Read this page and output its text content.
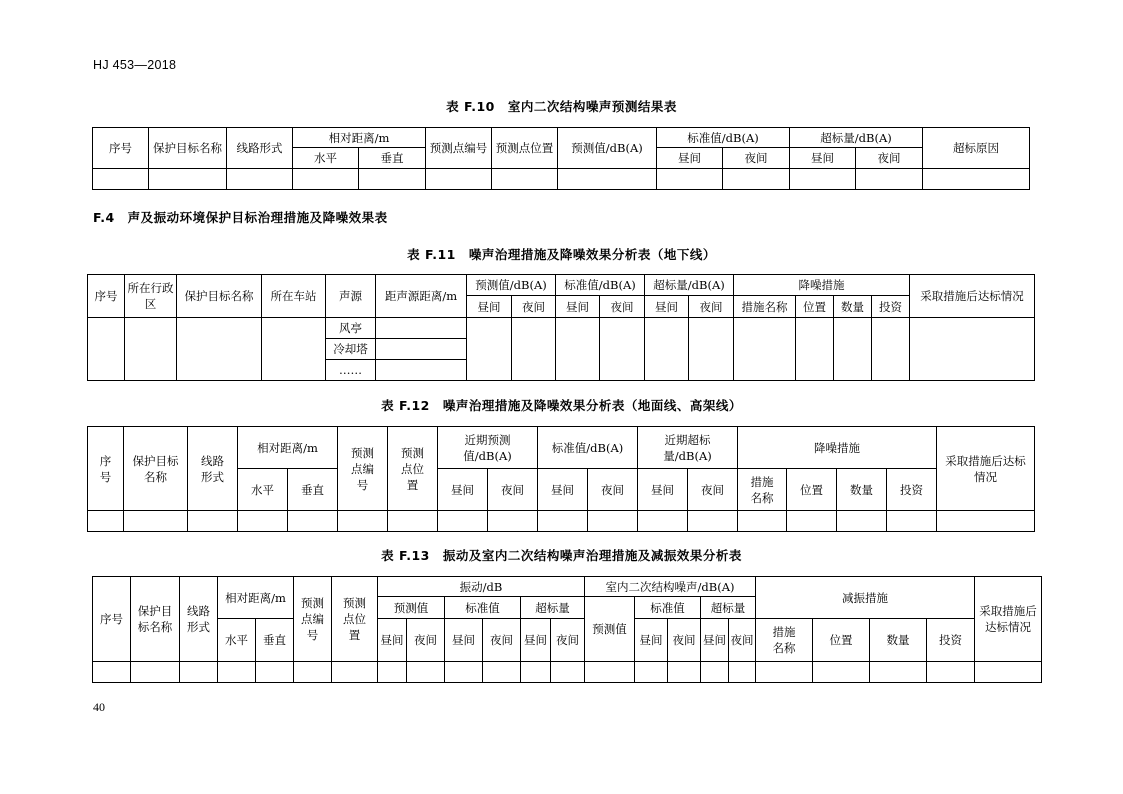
HJ 453—2018
表 F.10　室内二次结构噪声预测结果表
序号	保护目标名称	线路形式	相对距离/m		预测点编号	预测点位置	预测值/dB(A)	标准值/dB(A)		超标量/dB(A)		超标原因
			水平	垂直				昼间	夜间	昼间	夜间	

F.4　声及振动环境保护目标治理措施及降噪效果表
表 F.11　噪声治理措施及降噪效果分析表（地下线）
序号	所在行政区	保护目标名称	所在车站	声源	距声源距离/m	预测值/dB(A)		标准值/dB(A)		超标量/dB(A)		降噪措施				采取措施后达标情况
						昼间	夜间	昼间	夜间	昼间	夜间	措施名称	位置	数量	投资	
				风亭												
				冷却塔												
				……												
表 F.12　噪声治理措施及降噪效果分析表（地面线、高架线）
序号	保护目标名称	线路形式	相对距离/m		预测点编号	预测点位置	近期预测值/dB(A)		标准值/dB(A)		近期超标量/dB(A)		降噪措施				采取措施后达标情况
			水平	垂直			昼间	夜间	昼间	夜间	昼间	夜间	措施名称	位置	数量	投资	

表 F.13　振动及室内二次结构噪声治理措施及减振效果分析表
序号	保护目标名称	线路形式	相对距离/m		预测点编号	预测点位置	振动/dB						室内二次结构噪声/dB(A)					减振措施				采取措施后达标情况
							预测值		标准值		超标量		预测值	标准值		超标量						
			水平	垂直			昼间	夜间	昼间	夜间	昼间	夜间		昼间	夜间	昼间	夜间	措施名称	位置	数量	投资	

40
